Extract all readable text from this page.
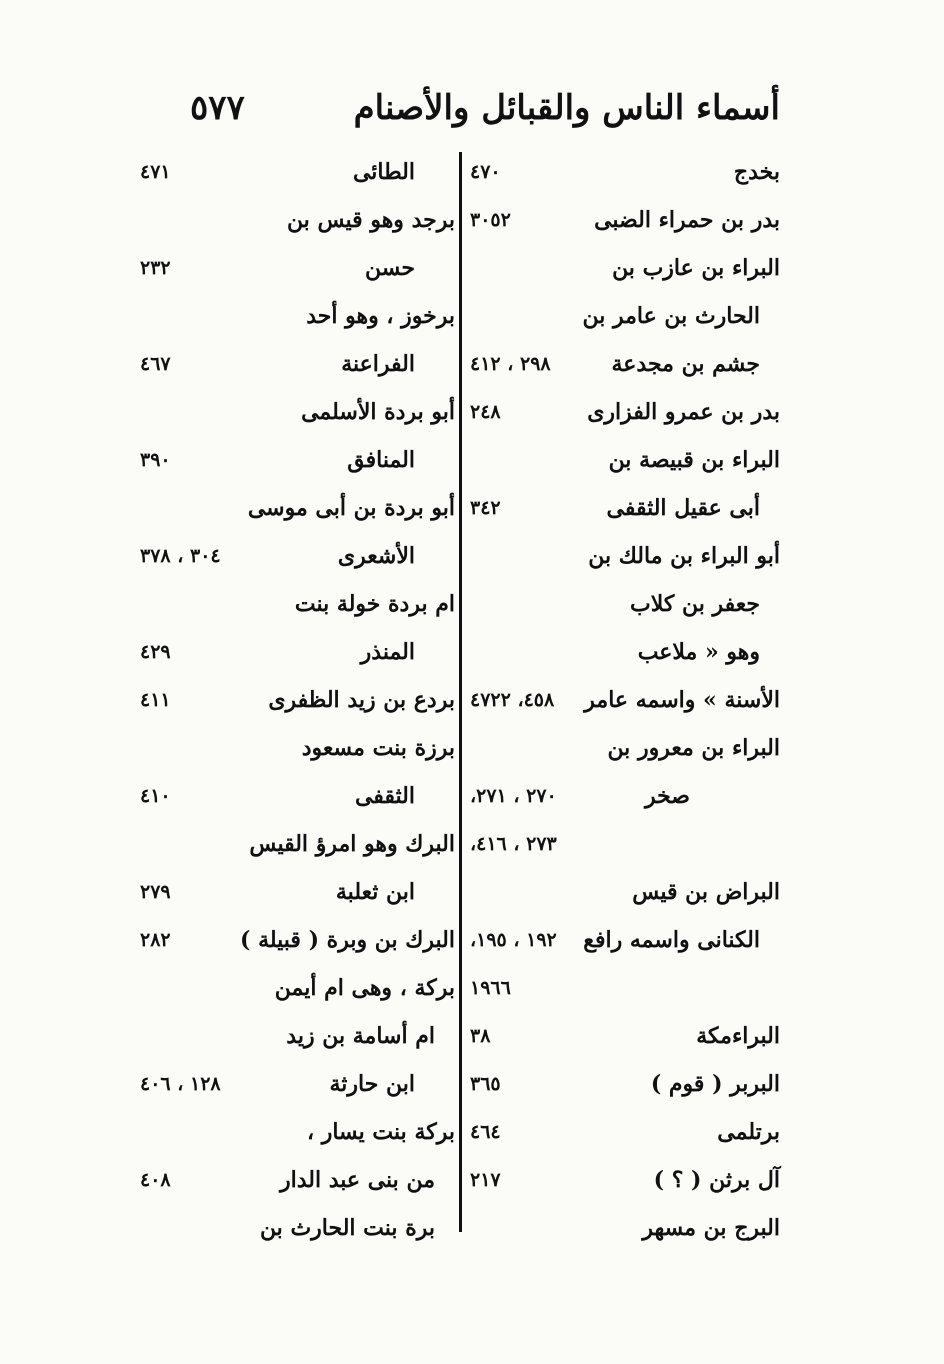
أسماء الناس والقبائل والأصنام
٥٧٧
بخدج
٤٧٠
بدر بن حمراء الضبى
٣٠٥٢
البراء بن عازب بن
الحارث بن عامر بن
جشم بن مجدعة
٢٩٨ ، ٤١٢
بدر بن عمرو الفزارى
٢٤٨
البراء بن قبيصة بن
أبى عقيل الثقفى
٣٤٢
أبو البراء بن مالك بن
جعفر بن كلاب
وهو « ملاعب
الأسنة » واسمه عامر
٤٥٨، ٤٧٢٢
البراء بن معرور بن
صخر
٢٧٠ ، ٢٧١،
٢٧٣ ، ٤١٦،
البراض بن قيس
الكنانى واسمه رافع
١٩٢ ، ١٩٥،
١٩٦٦
البراءمكة
٣٨
البربر ( قوم )
٣٦٥
برتلمى
٤٦٤
آل برثن ( ؟ )
٢١٧
البرج بن مسهر
الطائى
٤٧١
برجد وهو قيس بن
حسن
٢٣٢
برخوز ، وهو أحد
الفراعنة
٤٦٧
أبو بردة الأسلمى
المنافق
٣٩٠
أبو بردة بن أبى موسى
الأشعرى
٣٠٤ ، ٣٧٨
ام بردة خولة بنت
المنذر
٤٢٩
بردع بن زيد الظفرى
٤١١
برزة بنت مسعود
الثقفى
٤١٠
البرك وهو امرؤ القيس
ابن ثعلبة
٢٧٩
البرك بن وبرة ( قبيلة )
٢٨٢
بركة ، وهى ام أيمن
ام أسامة بن زيد
ابن حارثة
١٢٨ ، ٤٠٦
بركة بنت يسار ،
من بنى عبد الدار
٤٠٨
برة بنت الحارث بن
